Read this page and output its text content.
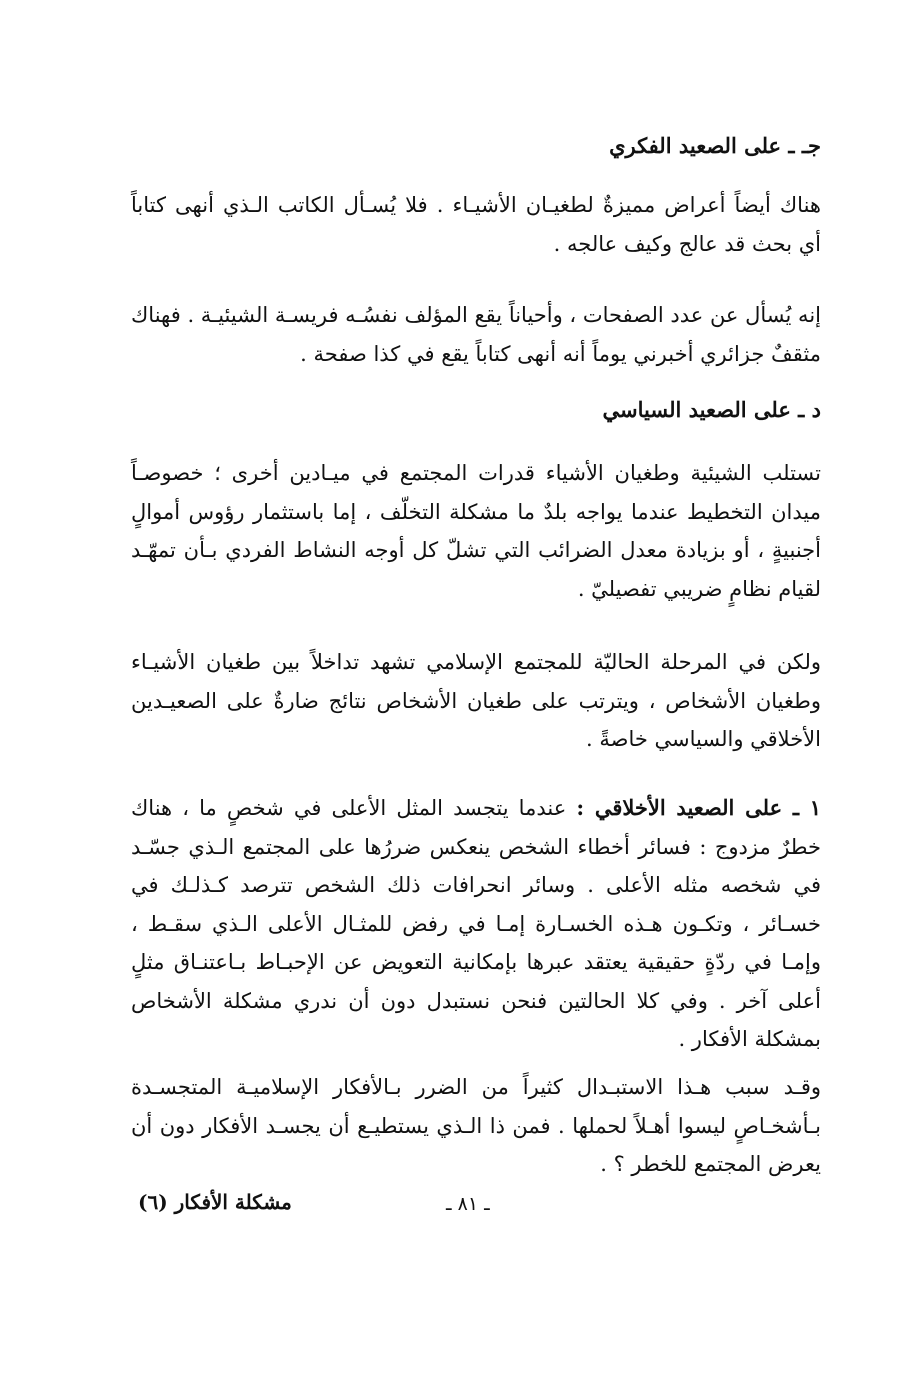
جـ ـ على الصعيد الفكري

هناك أيضاً أعراض مميزةٌ لطغيـان الأشيـاء . فلا يُسـأل الكاتب الـذي أنهى كتاباً أي بحث قد عالج وكيف عالجه .

إنه يُسأل عن عدد الصفحات ، وأحياناً يقع المؤلف نفسُـه فريسـة الشيئيـة . فهناك مثقفٌ جزائري أخبرني يوماً أنه أنهى كتاباً يقع في كذا صفحة .

د ـ على الصعيد السياسي

تستلب الشيئية وطغيان الأشياء قدرات المجتمع في ميـادين أخرى ؛ خصوصـاً ميدان التخطيط عندما يواجه بلدٌ ما مشكلة التخلّف ، إما باستثمار رؤوس أموالٍ أجنبيةٍ ، أو بزيادة معدل الضرائب التي تشلّ كل أوجه النشاط الفردي بـأن تمهّـد لقيام نظامٍ ضريبي تفصيليّ .

ولكن في المرحلة الحاليّة للمجتمع الإسلامي تشهد تداخلاً بين طغيان الأشيـاء وطغيان الأشخاص ، ويترتب على طغيان الأشخاص نتائج ضارةٌ على الصعيـدين الأخلاقي والسياسي خاصةً .

١ ـ على الصعيد الأخلاقي : عندما يتجسد المثل الأعلى في شخصٍ ما ، هناك خطرٌ مزدوج : فسائر أخطاء الشخص ينعكس ضررُها على المجتمع الـذي جسّـد في شخصه مثله الأعلى . وسائر انحرافات ذلك الشخص تترصد كـذلـك في خسـائر ، وتكـون هـذه الخسـارة إمـا في رفض للمثـال الأعلى الـذي سقـط ، وإمـا في ردّةٍ حقيقية يعتقد عبرها بإمكانية التعويض عن الإحبـاط بـاعتنـاق مثلٍ أعلى آخر . وفي كلا الحالتين فنحن نستبدل دون أن ندري مشكلة الأشخاص بمشكلة الأفكار .

وقـد سبب هـذا الاستبـدال كثيراً من الضرر بـالأفكار الإسلاميـة المتجسـدة بـأشخـاصٍ ليسوا أهـلاً لحملها . فمن ذا الـذي يستطيـع أن يجسـد الأفكار دون أن يعرض المجتمع للخطر ؟ .

مشكلة الأفكار (٦)	ـ ٨١ ـ
